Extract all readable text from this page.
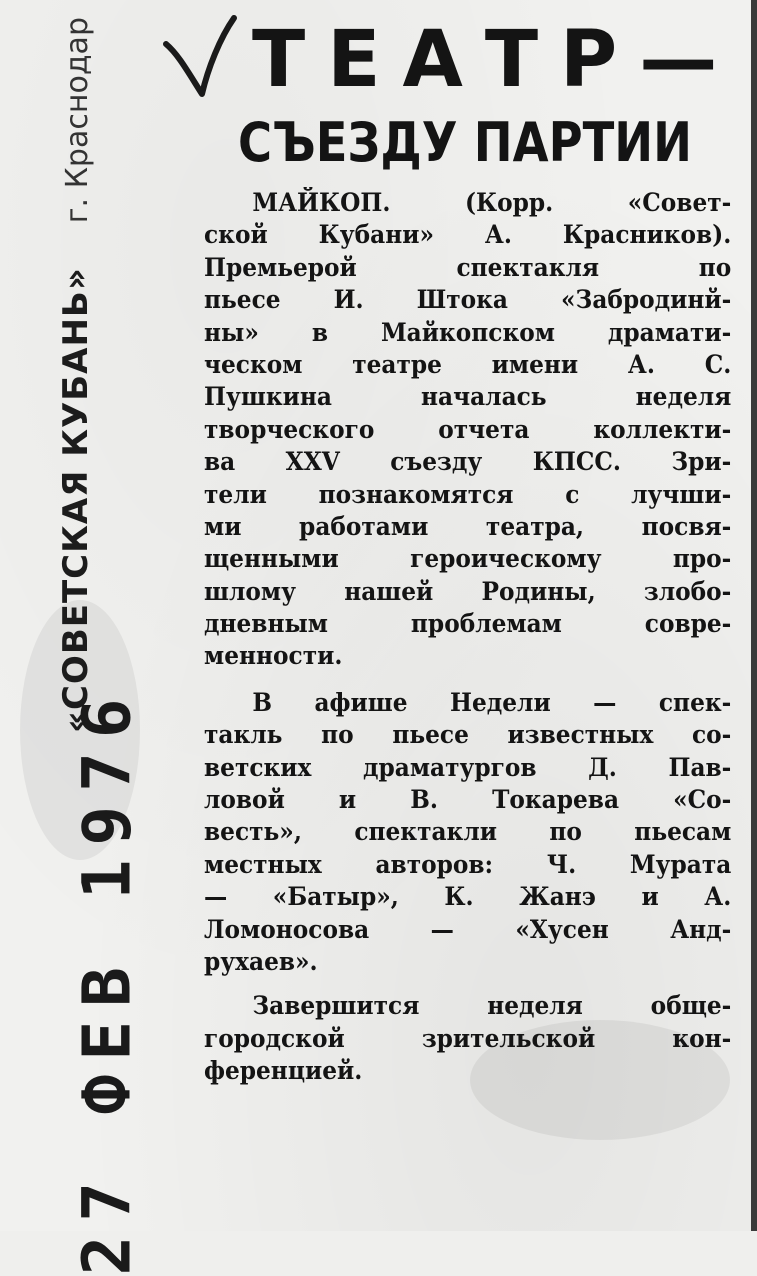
ТЕАТР—
СЪЕЗДУ ПАРТИИ
«СОВЕТСКАЯ КУБАНЬ» г. Краснодар
27 ФЕВ 1976
МАЙКОП. (Корр. «Совет-
ской Кубани» А. Красников).
Премьерой спектакля по
пьесе И. Штока «Забродинй-
ны» в Майкопском драмати-
ческом театре имени А. С.
Пушкина началась неделя
творческого отчета коллекти-
ва XXV съезду КПСС. Зри-
тели познакомятся с лучши-
ми работами театра, посвя-
щенными героическому про-
шлому нашей Родины, злобо-
дневным проблемам совре-
менности.
В афише Недели — спек-
такль по пьесе известных со-
ветских драматургов Д. Пав-
ловой и В. Токарева «Со-
весть», спектакли по пьесам
местных авторов: Ч. Мурата
— «Батыр», К. Жанэ и А.
Ломоносова — «Хусен Анд-
рухаев».
Завершится неделя обще-
городской зрительской кон-
ференцией.
